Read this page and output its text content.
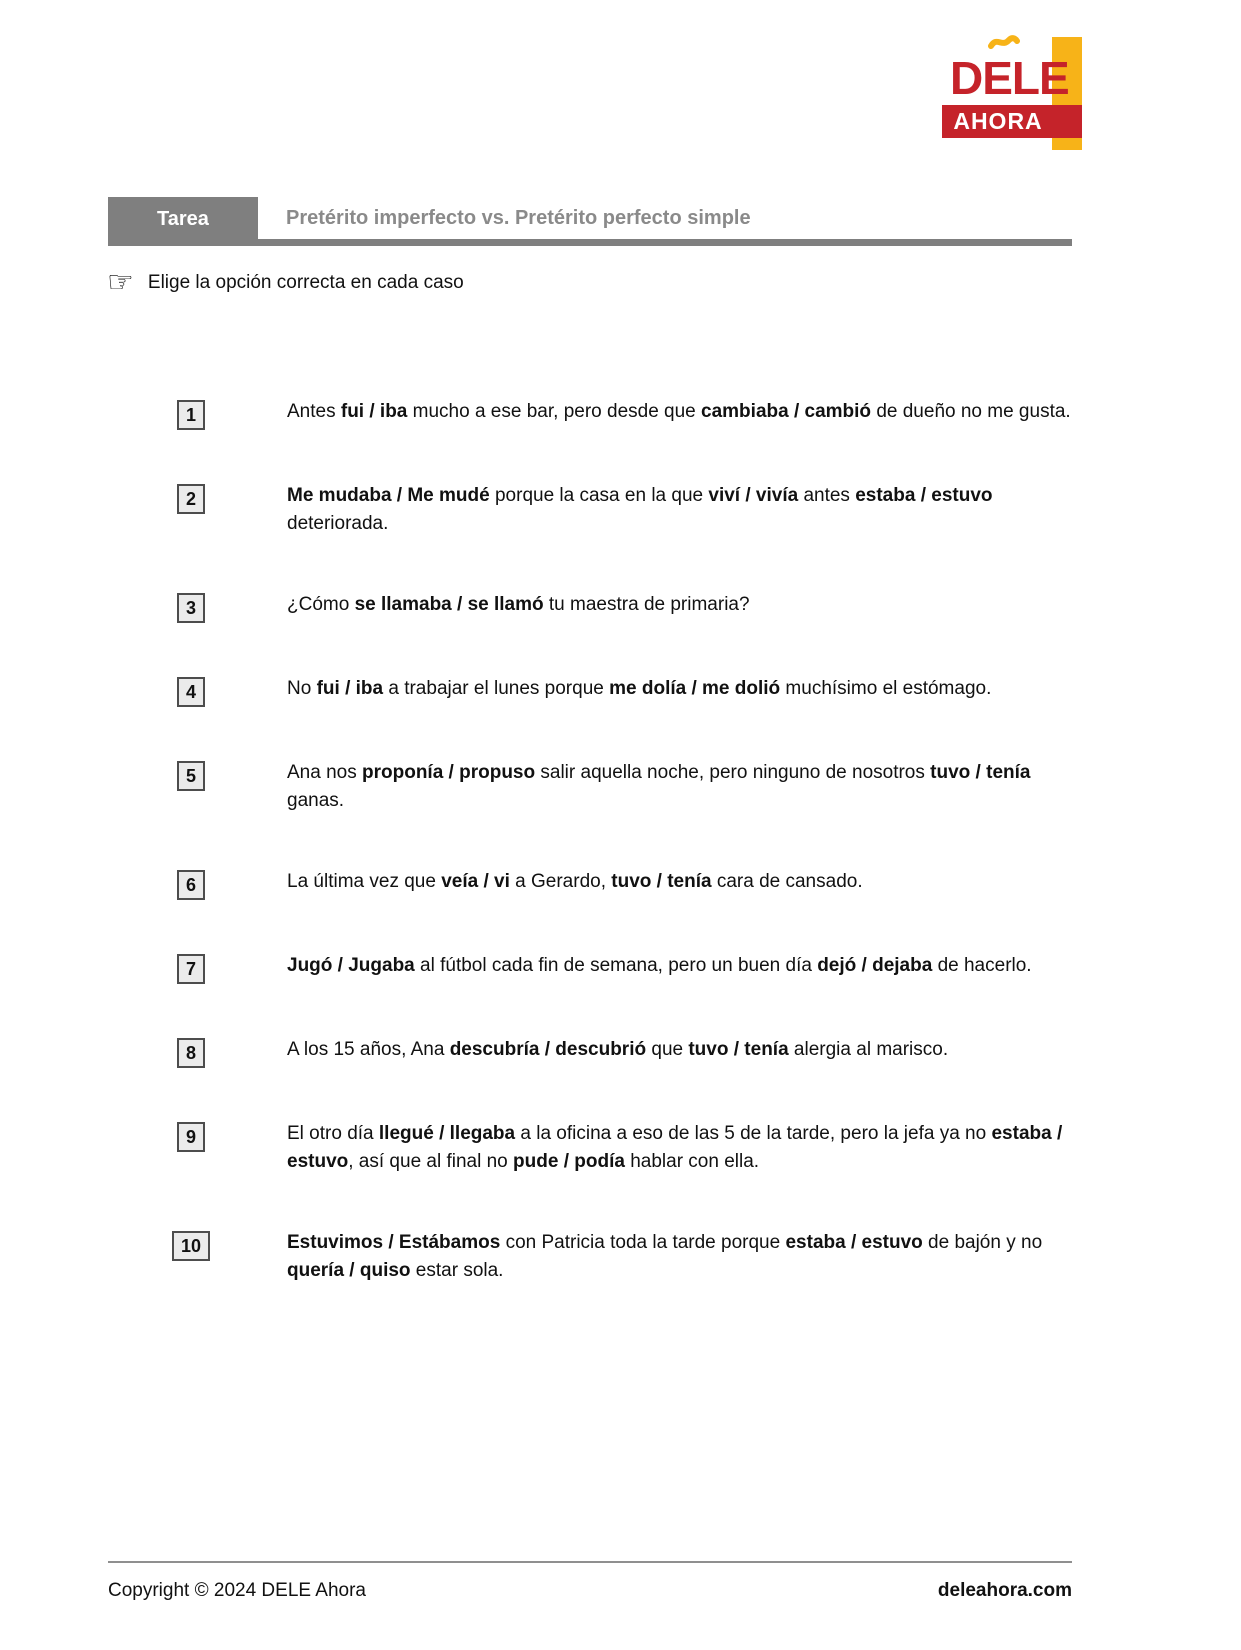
DELE
AHORA
Tarea	Pretérito imperfecto vs. Pretérito perfecto simple
☞ Elige la opción correcta en cada caso
1	Antes fui / iba mucho a ese bar, pero desde que cambiaba / cambió de dueño no me gusta.

2	Me mudaba / Me mudé porque la casa en la que viví / vivía antes estaba / estuvo deteriorada.

3	¿Cómo se llamaba / se llamó tu maestra de primaria?

4	No fui / iba a trabajar el lunes porque me dolía / me dolió muchísimo el estómago.

5	Ana nos proponía / propuso salir aquella noche, pero ninguno de nosotros tuvo / tenía ganas.

6	La última vez que veía / vi a Gerardo, tuvo / tenía cara de cansado.

7	Jugó / Jugaba al fútbol cada fin de semana, pero un buen día dejó / dejaba de hacerlo.

8	A los 15 años, Ana descubría / descubrió que tuvo / tenía alergia al marisco.

9	El otro día llegué / llegaba a la oficina a eso de las 5 de la tarde, pero la jefa ya no estaba / estuvo, así que al final no pude / podía hablar con ella.

10	Estuvimos / Estábamos con Patricia toda la tarde porque estaba / estuvo de bajón y no quería / quiso estar sola.

Copyright © 2024 DELE Ahora	deleahora.com
